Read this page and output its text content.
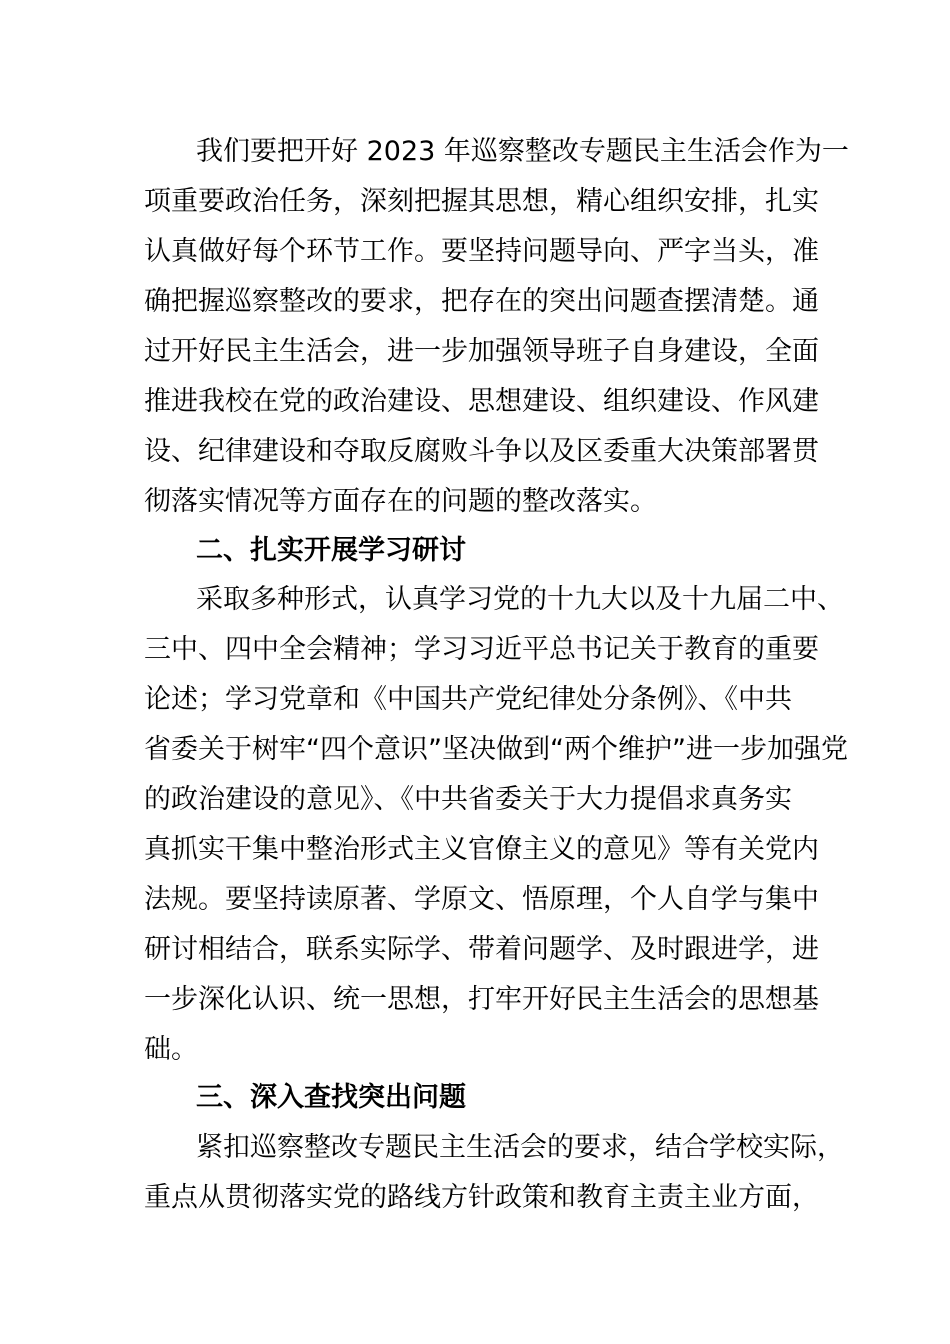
我们要把开好 2023 年巡察整改专题民主生活会作为一
项重要政治任务，深刻把握其思想，精心组织安排，扎实
认真做好每个环节工作。要坚持问题导向、严字当头，准
确把握巡察整改的要求，把存在的突出问题查摆清楚。通
过开好民主生活会，进一步加强领导班子自身建设，全面
推进我校在党的政治建设、思想建设、组织建设、作风建
设、纪律建设和夺取反腐败斗争以及区委重大决策部署贯
彻落实情况等方面存在的问题的整改落实。
二、扎实开展学习研讨
采取多种形式，认真学习党的十九大以及十九届二中、
三中、四中全会精神；学习习近平总书记关于教育的重要
论述；学习党章和《中国共产党纪律处分条例》、《中共
省委关于树牢“四个意识”坚决做到“两个维护”进一步加强党
的政治建设的意见》、《中共省委关于大力提倡求真务实
真抓实干集中整治形式主义官僚主义的意见》等有关党内
法规。要坚持读原著、学原文、悟原理，个人自学与集中
研讨相结合，联系实际学、带着问题学、及时跟进学，进
一步深化认识、统一思想，打牢开好民主生活会的思想基
础。
三、深入查找突出问题
紧扣巡察整改专题民主生活会的要求，结合学校实际，
重点从贯彻落实党的路线方针政策和教育主责主业方面，
